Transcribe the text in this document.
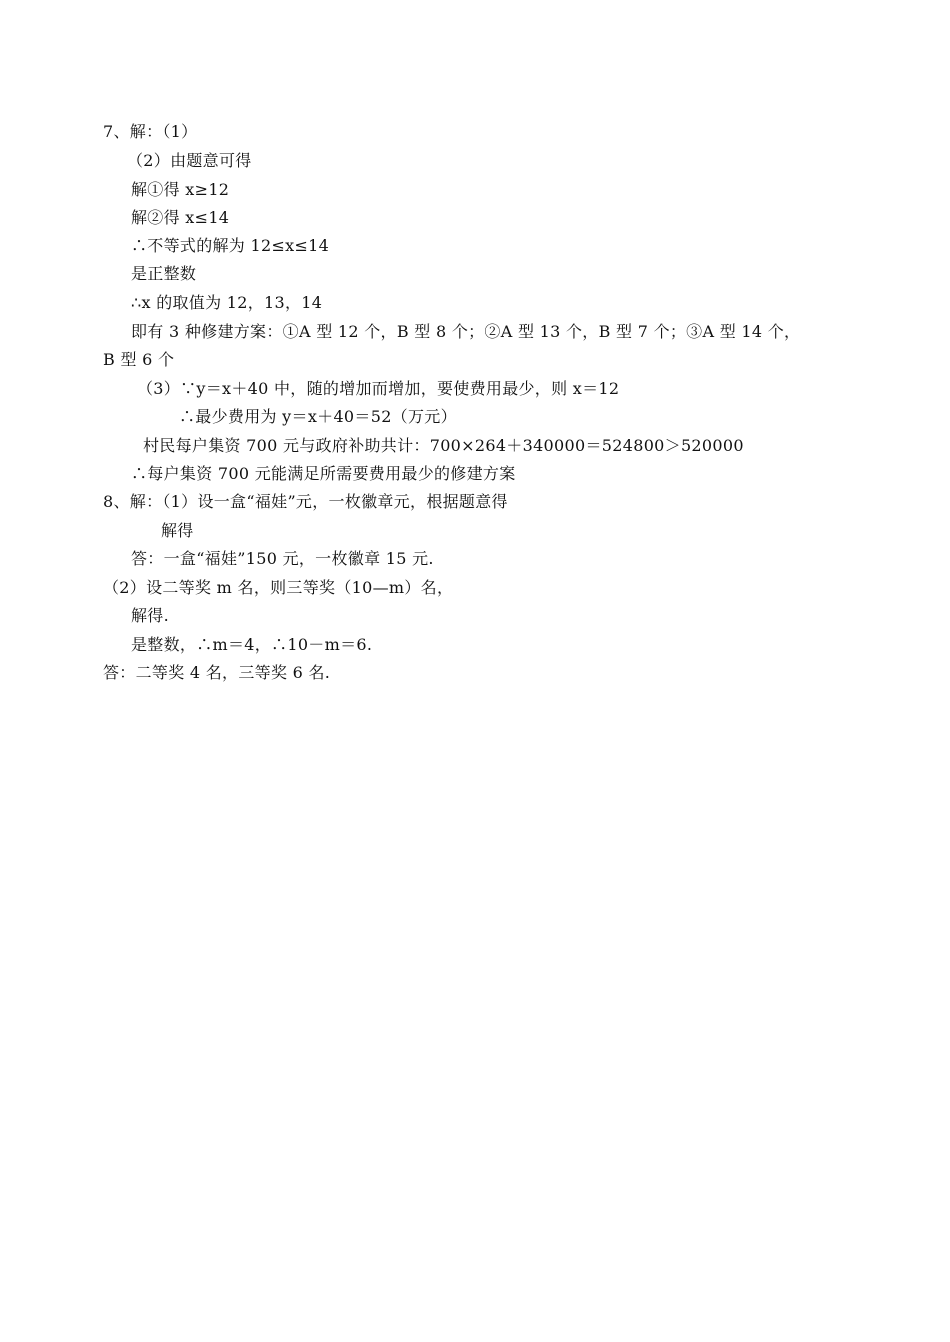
7、解：（1）
（2）由题意可得
解①得 x≥12
解②得 x≤14
∴不等式的解为 12≤x≤14
是正整数
∴x 的取值为 12，13，14
即有 3 种修建方案：①A 型 12 个，B 型 8 个；②A 型 13 个，B 型 7 个；③A 型 14 个，
B 型 6 个
（3）∵y＝x＋40 中，随的增加而增加，要使费用最少，则 x＝12
∴最少费用为 y＝x＋40＝52（万元）
村民每户集资 700 元与政府补助共计：700×264＋340000＝524800＞520000
∴每户集资 700 元能满足所需要费用最少的修建方案
8、解：（1）设一盒“福娃”元，一枚徽章元，根据题意得
解得
答：一盒“福娃”150 元，一枚徽章 15 元.
（2）设二等奖 m 名，则三等奖（10—m）名，
解得.
是整数，∴m＝4，∴10－m＝6.
答：二等奖 4 名，三等奖 6 名.
